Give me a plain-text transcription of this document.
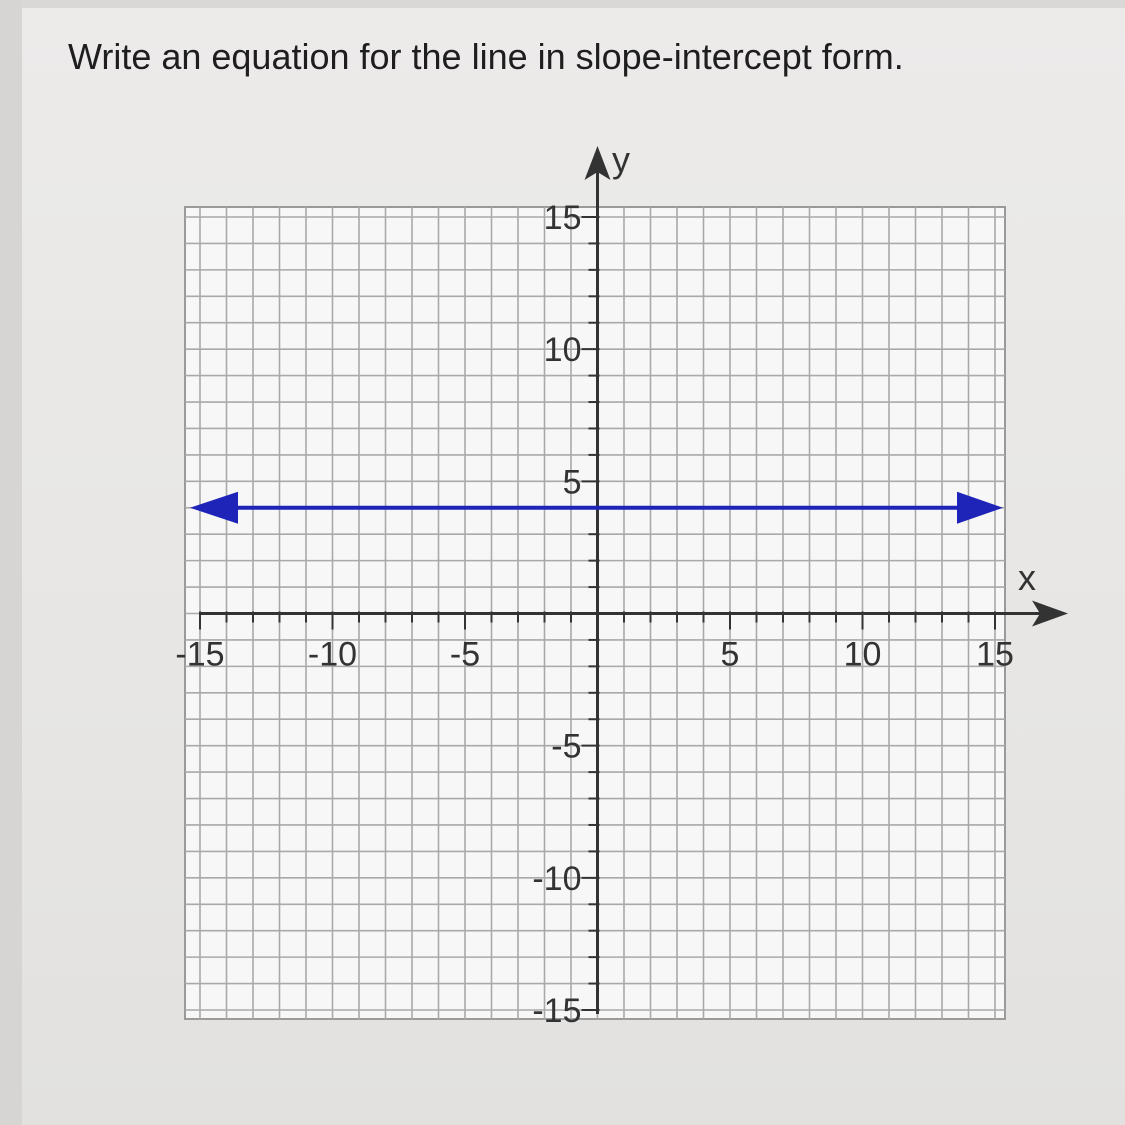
Write an equation for the line in slope-intercept form.
-15 -10	-5	5	10	15
15
10
5
-5
-10
-15
x
y
